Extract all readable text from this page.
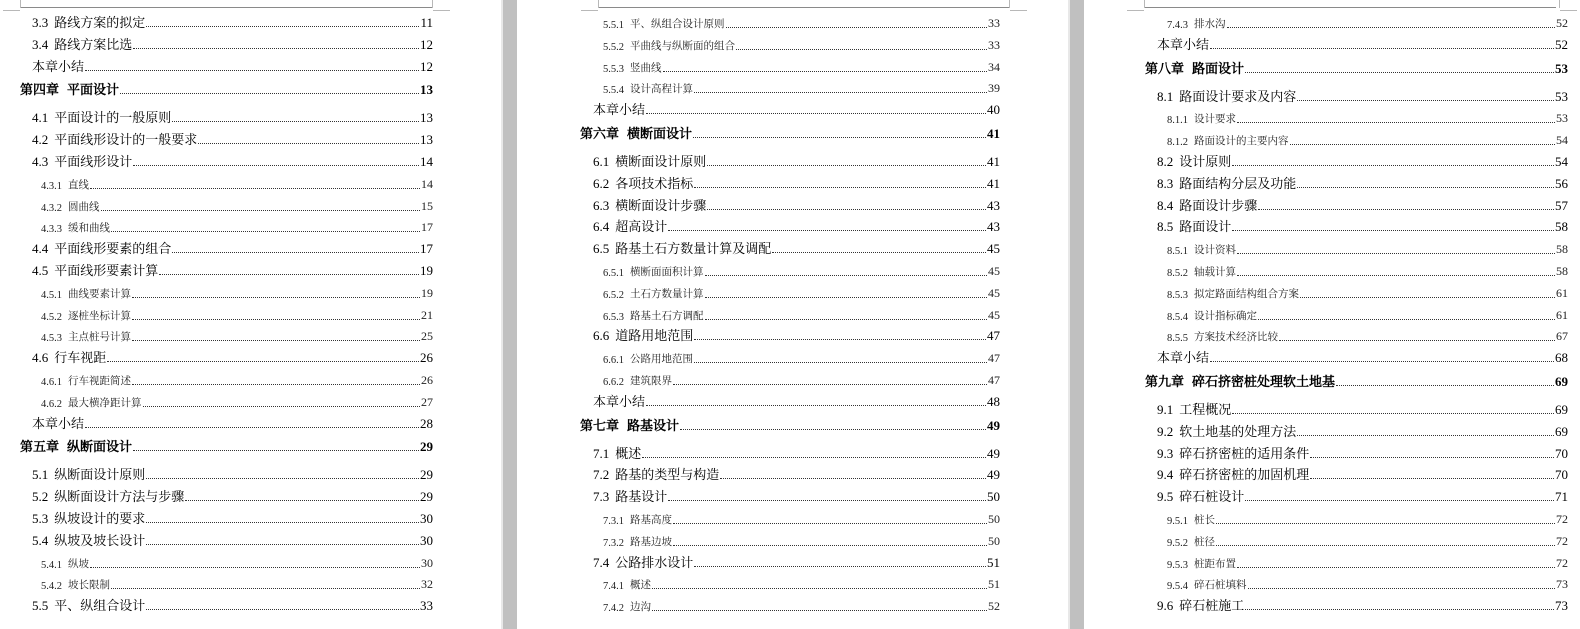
3.3 路线方案的拟定	11
3.4 路线方案比选	12
本章小结	12
第四章 平面设计	13
4.1 平面设计的一般原则	13
4.2 平面线形设计的一般要求	13
4.3 平面线形设计	14
4.3.1 直线	14
4.3.2 圆曲线	15
4.3.3 缓和曲线	17
4.4 平面线形要素的组合	17
4.5 平面线形要素计算	19
4.5.1 曲线要素计算	19
4.5.2 逐桩坐标计算	21
4.5.3 主点桩号计算	25
4.6 行车视距	26
4.6.1 行车视距简述	26
4.6.2 最大横净距计算	27
本章小结	28
第五章 纵断面设计	29
5.1 纵断面设计原则	29
5.2 纵断面设计方法与步骤	29
5.3 纵坡设计的要求	30
5.4 纵坡及坡长设计	30
5.4.1 纵坡	30
5.4.2 坡长限制	32
5.5 平、纵组合设计	33
5.5.1 平、纵组合设计原则	33
5.5.2 平曲线与纵断面的组合	33
5.5.3 竖曲线	34
5.5.4 设计高程计算	39
本章小结	40
第六章 横断面设计	41
6.1 横断面设计原则	41
6.2 各项技术指标	41
6.3 横断面设计步骤	43
6.4 超高设计	43
6.5 路基土石方数量计算及调配	45
6.5.1 横断面面积计算	45
6.5.2 土石方数量计算	45
6.5.3 路基土石方调配	45
6.6 道路用地范围	47
6.6.1 公路用地范围	47
6.6.2 建筑限界	47
本章小结	48
第七章 路基设计	49
7.1 概述	49
7.2 路基的类型与构造	49
7.3 路基设计	50
7.3.1 路基高度	50
7.3.2 路基边坡	50
7.4 公路排水设计	51
7.4.1 概述	51
7.4.2 边沟	52
7.4.3 排水沟	52
本章小结	52
第八章 路面设计	53
8.1 路面设计要求及内容	53
8.1.1 设计要求	53
8.1.2 路面设计的主要内容	54
8.2 设计原则	54
8.3 路面结构分层及功能	56
8.4 路面设计步骤	57
8.5 路面设计	58
8.5.1 设计资料	58
8.5.2 轴载计算	58
8.5.3 拟定路面结构组合方案	61
8.5.4 设计指标确定	61
8.5.5 方案技术经济比较	67
本章小结	68
第九章 碎石挤密桩处理软土地基	69
9.1 工程概况	69
9.2 软土地基的处理方法	69
9.3 碎石挤密桩的适用条件	70
9.4 碎石挤密桩的加固机理	70
9.5 碎石桩设计	71
9.5.1 桩长	72
9.5.2 桩径	72
9.5.3 桩距布置	72
9.5.4 碎石桩填料	73
9.6 碎石桩施工	73
